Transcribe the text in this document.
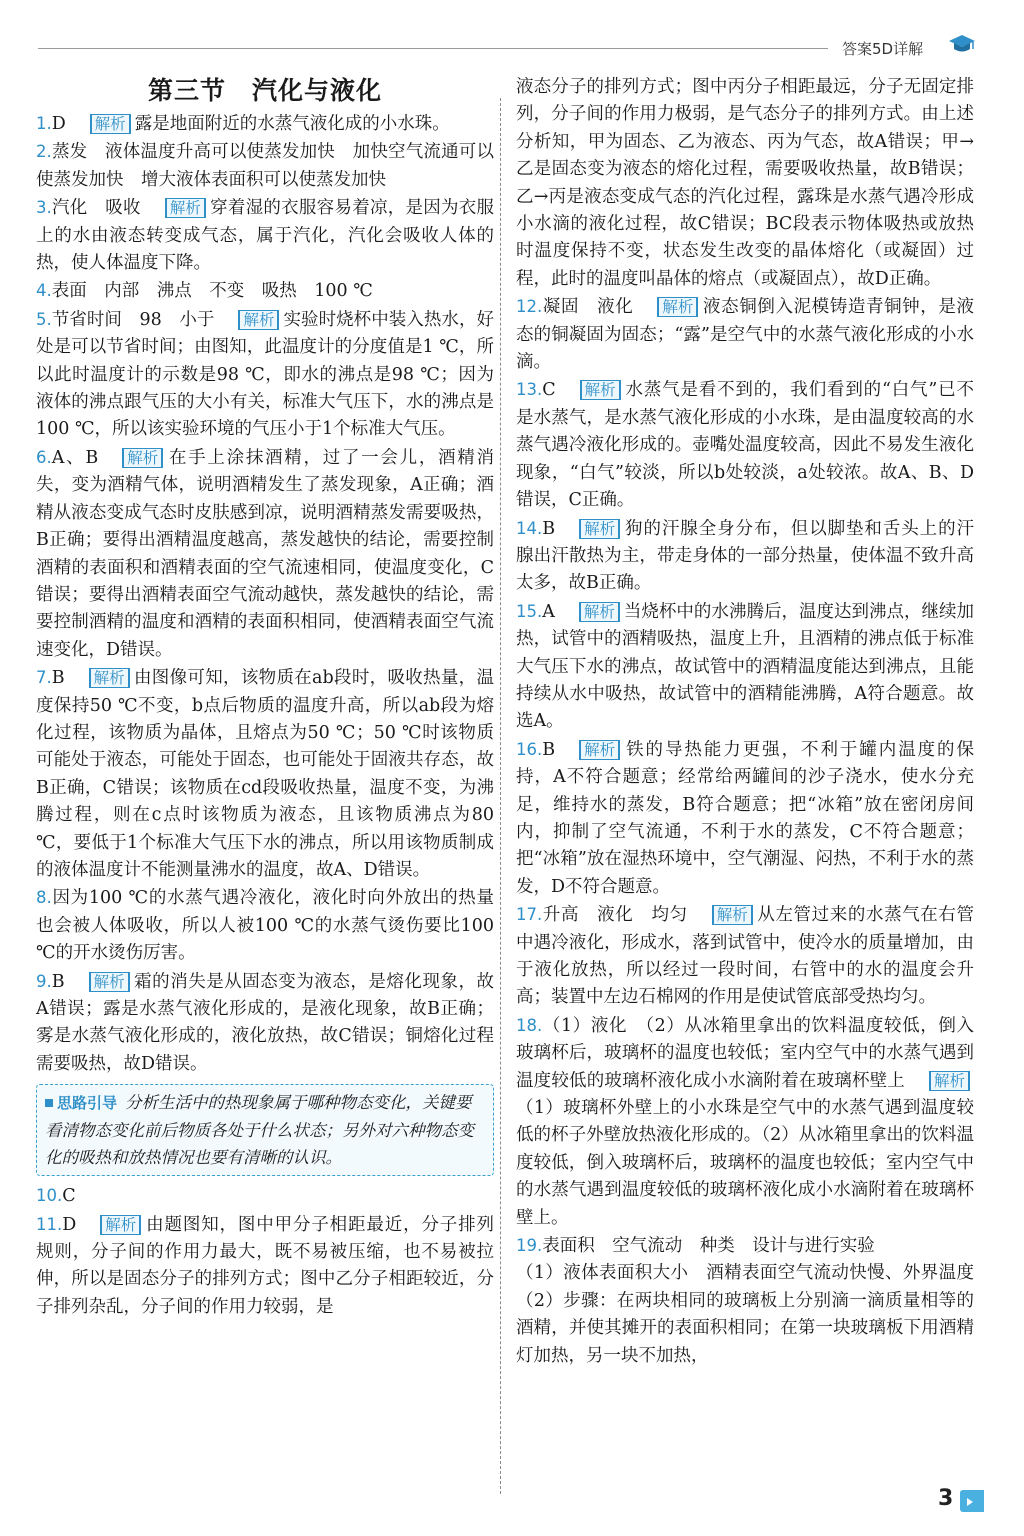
答案5D详解
第三节 汽化与液化
1.D 解析 露是地面附近的水蒸气液化成的小水珠。
2.蒸发　液体温度升高可以使蒸发加快　加快空气流通可以使蒸发加快　增大液体表面积可以使蒸发加快
3.汽化　吸收 解析 穿着湿的衣服容易着凉，是因为衣服上的水由液态转变成气态，属于汽化，汽化会吸收人体的热，使人体温度下降。
4.表面　内部　沸点　不变　吸热　100 ℃
5.节省时间　98　小于 解析 实验时烧杯中装入热水，好处是可以节省时间；由图知，此温度计的分度值是1 ℃，所以此时温度计的示数是98 ℃，即水的沸点是98 ℃；因为液体的沸点跟气压的大小有关，标准大气压下，水的沸点是100 ℃，所以该实验环境的气压小于1个标准大气压。
6.A、B 解析 在手上涂抹酒精，过了一会儿，酒精消失，变为酒精气体，说明酒精发生了蒸发现象，A正确；酒精从液态变成气态时皮肤感到凉，说明酒精蒸发需要吸热，B正确；要得出酒精温度越高，蒸发越快的结论，需要控制酒精的表面积和酒精表面的空气流速相同，使温度变化，C错误；要得出酒精表面空气流动越快，蒸发越快的结论，需要控制酒精的温度和酒精的表面积相同，使酒精表面空气流速变化，D错误。
7.B 解析 由图像可知，该物质在ab段时，吸收热量，温度保持50 ℃不变，b点后物质的温度升高，所以ab段为熔化过程，该物质为晶体，且熔点为50 ℃；50 ℃时该物质可能处于液态，可能处于固态，也可能处于固液共存态，故B正确，C错误；该物质在cd段吸收热量，温度不变，为沸腾过程，则在c点时该物质为液态，且该物质沸点为80 ℃，要低于1个标准大气压下水的沸点，所以用该物质制成的液体温度计不能测量沸水的温度，故A、D错误。
8.因为100 ℃的水蒸气遇冷液化，液化时向外放出的热量也会被人体吸收，所以人被100 ℃的水蒸气烫伤要比100 ℃的开水烫伤厉害。
9.B 解析 霜的消失是从固态变为液态，是熔化现象，故A错误；露是水蒸气液化形成的，是液化现象，故B正确；雾是水蒸气液化形成的，液化放热，故C错误；铜熔化过程需要吸热，故D错误。
思路引导 分析生活中的热现象属于哪种物态变化，关键要看清物态变化前后物质各处于什么状态；另外对六种物态变化的吸热和放热情况也要有清晰的认识。
10.C
11.D 解析 由题图知，图中甲分子相距最近，分子排列规则，分子间的作用力最大，既不易被压缩，也不易被拉伸，所以是固态分子的排列方式；图中乙分子相距较近，分子排列杂乱，分子间的作用力较弱，是
液态分子的排列方式；图中丙分子相距最远，分子无固定排列，分子间的作用力极弱，是气态分子的排列方式。由上述分析知，甲为固态、乙为液态、丙为气态，故A错误；甲→乙是固态变为液态的熔化过程，需要吸收热量，故B错误；乙→丙是液态变成气态的汽化过程，露珠是水蒸气遇冷形成小水滴的液化过程，故C错误；BC段表示物体吸热或放热时温度保持不变，状态发生改变的晶体熔化（或凝固）过程，此时的温度叫晶体的熔点（或凝固点），故D正确。
12.凝固　液化 解析 液态铜倒入泥模铸造青铜钟，是液态的铜凝固为固态；“露”是空气中的水蒸气液化形成的小水滴。
13.C 解析 水蒸气是看不到的，我们看到的“白气”已不是水蒸气，是水蒸气液化形成的小水珠，是由温度较高的水蒸气遇冷液化形成的。壶嘴处温度较高，因此不易发生液化现象，“白气”较淡，所以b处较淡，a处较浓。故A、B、D错误，C正确。
14.B 解析 狗的汗腺全身分布，但以脚垫和舌头上的汗腺出汗散热为主，带走身体的一部分热量，使体温不致升高太多，故B正确。
15.A 解析 当烧杯中的水沸腾后，温度达到沸点，继续加热，试管中的酒精吸热，温度上升，且酒精的沸点低于标准大气压下水的沸点，故试管中的酒精温度能达到沸点，且能持续从水中吸热，故试管中的酒精能沸腾，A符合题意。故选A。
16.B 解析 铁的导热能力更强，不利于罐内温度的保持，A不符合题意；经常给两罐间的沙子浇水，使水分充足，维持水的蒸发，B符合题意；把“冰箱”放在密闭房间内，抑制了空气流通，不利于水的蒸发，C不符合题意；把“冰箱”放在湿热环境中，空气潮湿、闷热，不利于水的蒸发，D不符合题意。
17.升高　液化　均匀 解析 从左管过来的水蒸气在右管中遇冷液化，形成水，落到试管中，使冷水的质量增加，由于液化放热，所以经过一段时间，右管中的水的温度会升高；装置中左边石棉网的作用是使试管底部受热均匀。
18.（1）液化　（2）从冰箱里拿出的饮料温度较低，倒入玻璃杯后，玻璃杯的温度也较低；室内空气中的水蒸气遇到温度较低的玻璃杯液化成小水滴附着在玻璃杯壁上 解析（1）玻璃杯外壁上的小水珠是空气中的水蒸气遇到温度较低的杯子外壁放热液化形成的。（2）从冰箱里拿出的饮料温度较低，倒入玻璃杯后，玻璃杯的温度也较低；室内空气中的水蒸气遇到温度较低的玻璃杯液化成小水滴附着在玻璃杯壁上。
19.表面积　空气流动　种类　设计与进行实验
（1）液体表面积大小　酒精表面空气流动快慢、外界温度　（2）步骤：在两块相同的玻璃板上分别滴一滴质量相等的酒精，并使其摊开的表面积相同；在第一块玻璃板下用酒精灯加热，另一块不加热，
3
